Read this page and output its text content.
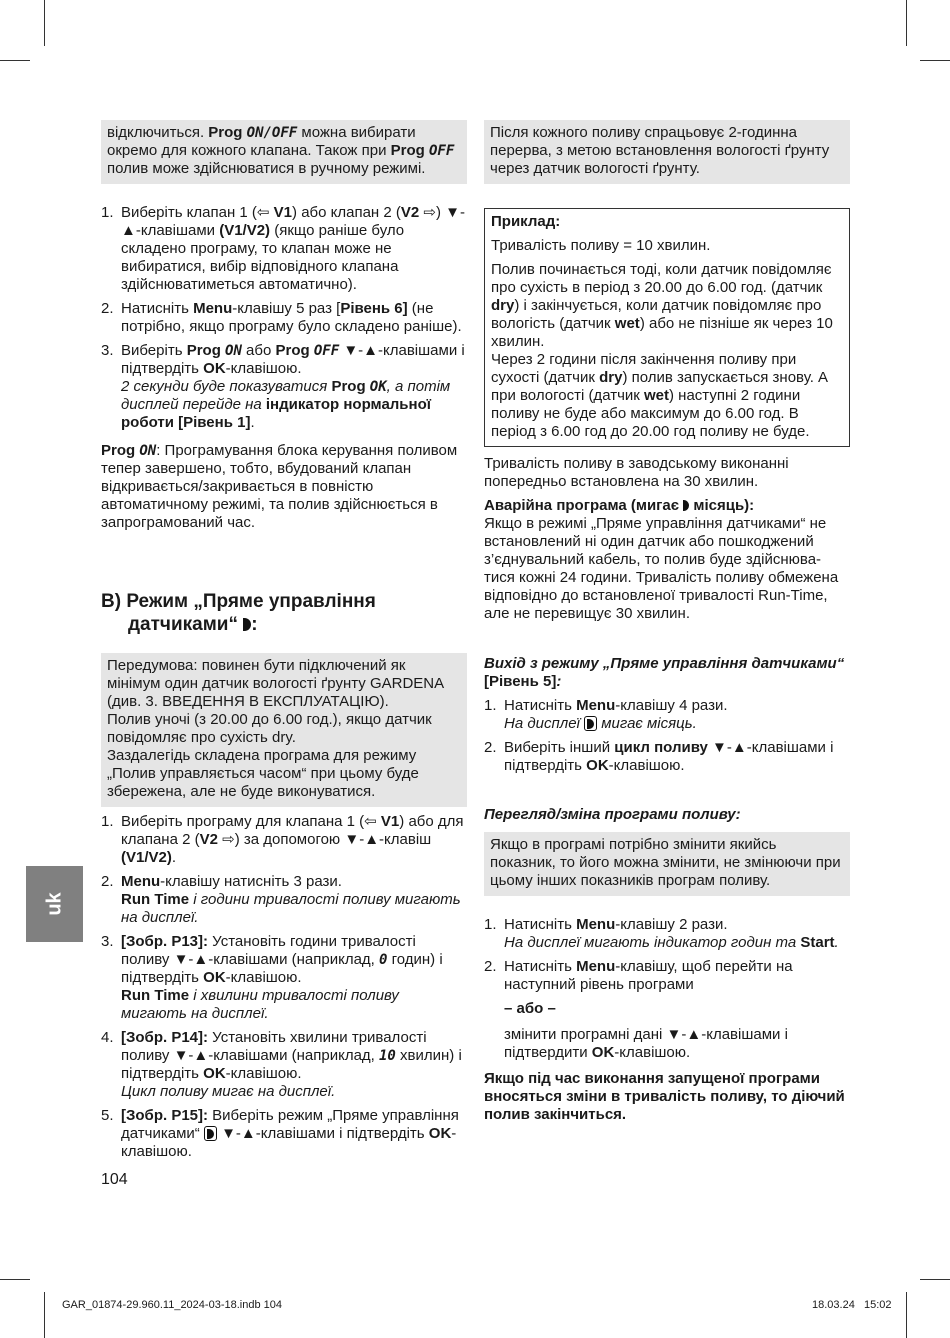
uk
відключиться. Prog ON/OFF можна вибирати окремо для кожного клапана. Також при Prog OFF полив може здійснюватися в ручному режимі.
1. Виберіть клапан 1 (⇦ V1) або клапан 2 (V2 ⇨) ▼-▲-клавішами (V1/V2) (якщо раніше було складено програму, то клапан може не вибиратися, вибір відповідного клапана здійснюватиметься автоматично).
2. Натисніть Menu-клавішу 5 раз [Рівень 6] (не потрібно, якщо програму було складено раніше).
3. Виберіть Prog ON або Prog OFF ▼-▲-клавішами і підтвердіть OK-клавішою.
2 секунди буде показуватися Prog OK, а потім дисплей перейде на індикатор нормальної роботи [Рівень 1].

Prog ON: Програмування блока керування поливом тепер завершено, тобто, вбудований клапан відкривається/закривається в повністю автоматичному режимі, та полив здійснюється в запрограмований час.

B) Режим „Пряме управління
датчиками“ :

Передумова: повинен бути підключений як мінімум один датчик вологості ґрунту GARDENA (див. 3. ВВЕДЕННЯ В ЕКСПЛУАТАЦІЮ).

Полив уночі (з 20.00 до 6.00 год.), якщо датчик повідомляє про сухість dry.

Заздалегідь складена програма для режиму „Полив управляється часом“ при цьому буде збережена, але не буде виконуватися.

1. Виберіть програму для клапана 1 (⇦ V1) або для клапана 2 (V2 ⇨) за допомогою ▼-▲-клавіш (V1/V2).
2. Menu-клавішу натисніть 3 рази.
Run Time і години тривалості поливу мигають на дисплеї.
3. [Зобр. P13]: Установіть години тривалості поливу ▼-▲-клавішами (наприклад, 0 годин) і підтвердіть OK-клавішою.
Run Time і хвилини тривалості поливу мигають на дисплеї.
4. [Зобр. P14]: Установіть хвилини тривалості поливу ▼-▲-клавішами (наприклад, 10 хвилин) і підтвердіть OK-клавішою.
Цикл поливу мигає на дисплеї.
5. [Зобр. P15]: Виберіть режим „Пряме управління датчиками“  ▼-▲-клавішами і підтвердіть OK-клавішою.

104

Після кожного поливу спрацьовує 2-годинна перерва, з метою встановлення вологості ґрунту через датчик вологості ґрунту.

Приклад:

Тривалість поливу = 10 хвилин.

Полив починається тоді, коли датчик повідомляє про сухість в період з 20.00 до 6.00 год. (датчик dry) і закінчується, коли датчик повідомляє про вологість (датчик wet) або не пізніше як через 10 хвилин.
Через 2 години після закінчення поливу при сухості (датчик dry) полив запускається знову. А при вологості (датчик wet) наступні 2 години поливу не буде або максимум до 6.00 год. В період з 6.00 год до 20.00 год поливу не буде.

Тривалість поливу в заводському виконанні попередньо встановлена на 30 хвилин.

Аварійна програма (мигає  місяць):

Якщо в режимі „Пряме управління датчиками“ не встановлений ні один датчик або пошкоджений з’єднувальний кабель, то полив буде здійснюва- тися кожні 24 години. Тривалість поливу обмежена відповідно до встановленої тривалості Run-Time, але не перевищує 30 хвилин.

Вихід з режиму „Пряме управління датчиками“ [Рівень 5]:

1. Натисніть Menu-клавішу 4 рази.
На дисплеї  мигає місяць.
2. Виберіть інший цикл поливу ▼-▲-клавішами і підтвердіть OK-клавішою.

Перегляд/зміна програми поливу:

Якщо в програмі потрібно змінити якийсь показник, то його можна змінити, не змінюючи при цьому інших показників програм поливу.
1. Натисніть Menu-клавішу 2 рази.
На дисплеї мигають індикатор годин та Start.
2. Натисніть Menu-клавішу, щоб перейти на наступний рівень програми

– або –

змінити програмні дані ▼-▲-клавішами і підтвердити OK-клавішою.

Якщо під час виконання запущеної програми вносяться зміни в тривалість поливу, то діючий полив закінчиться.

GAR_01874-29.960.11_2024-03-18.indb 104	18.03.24 15:02
